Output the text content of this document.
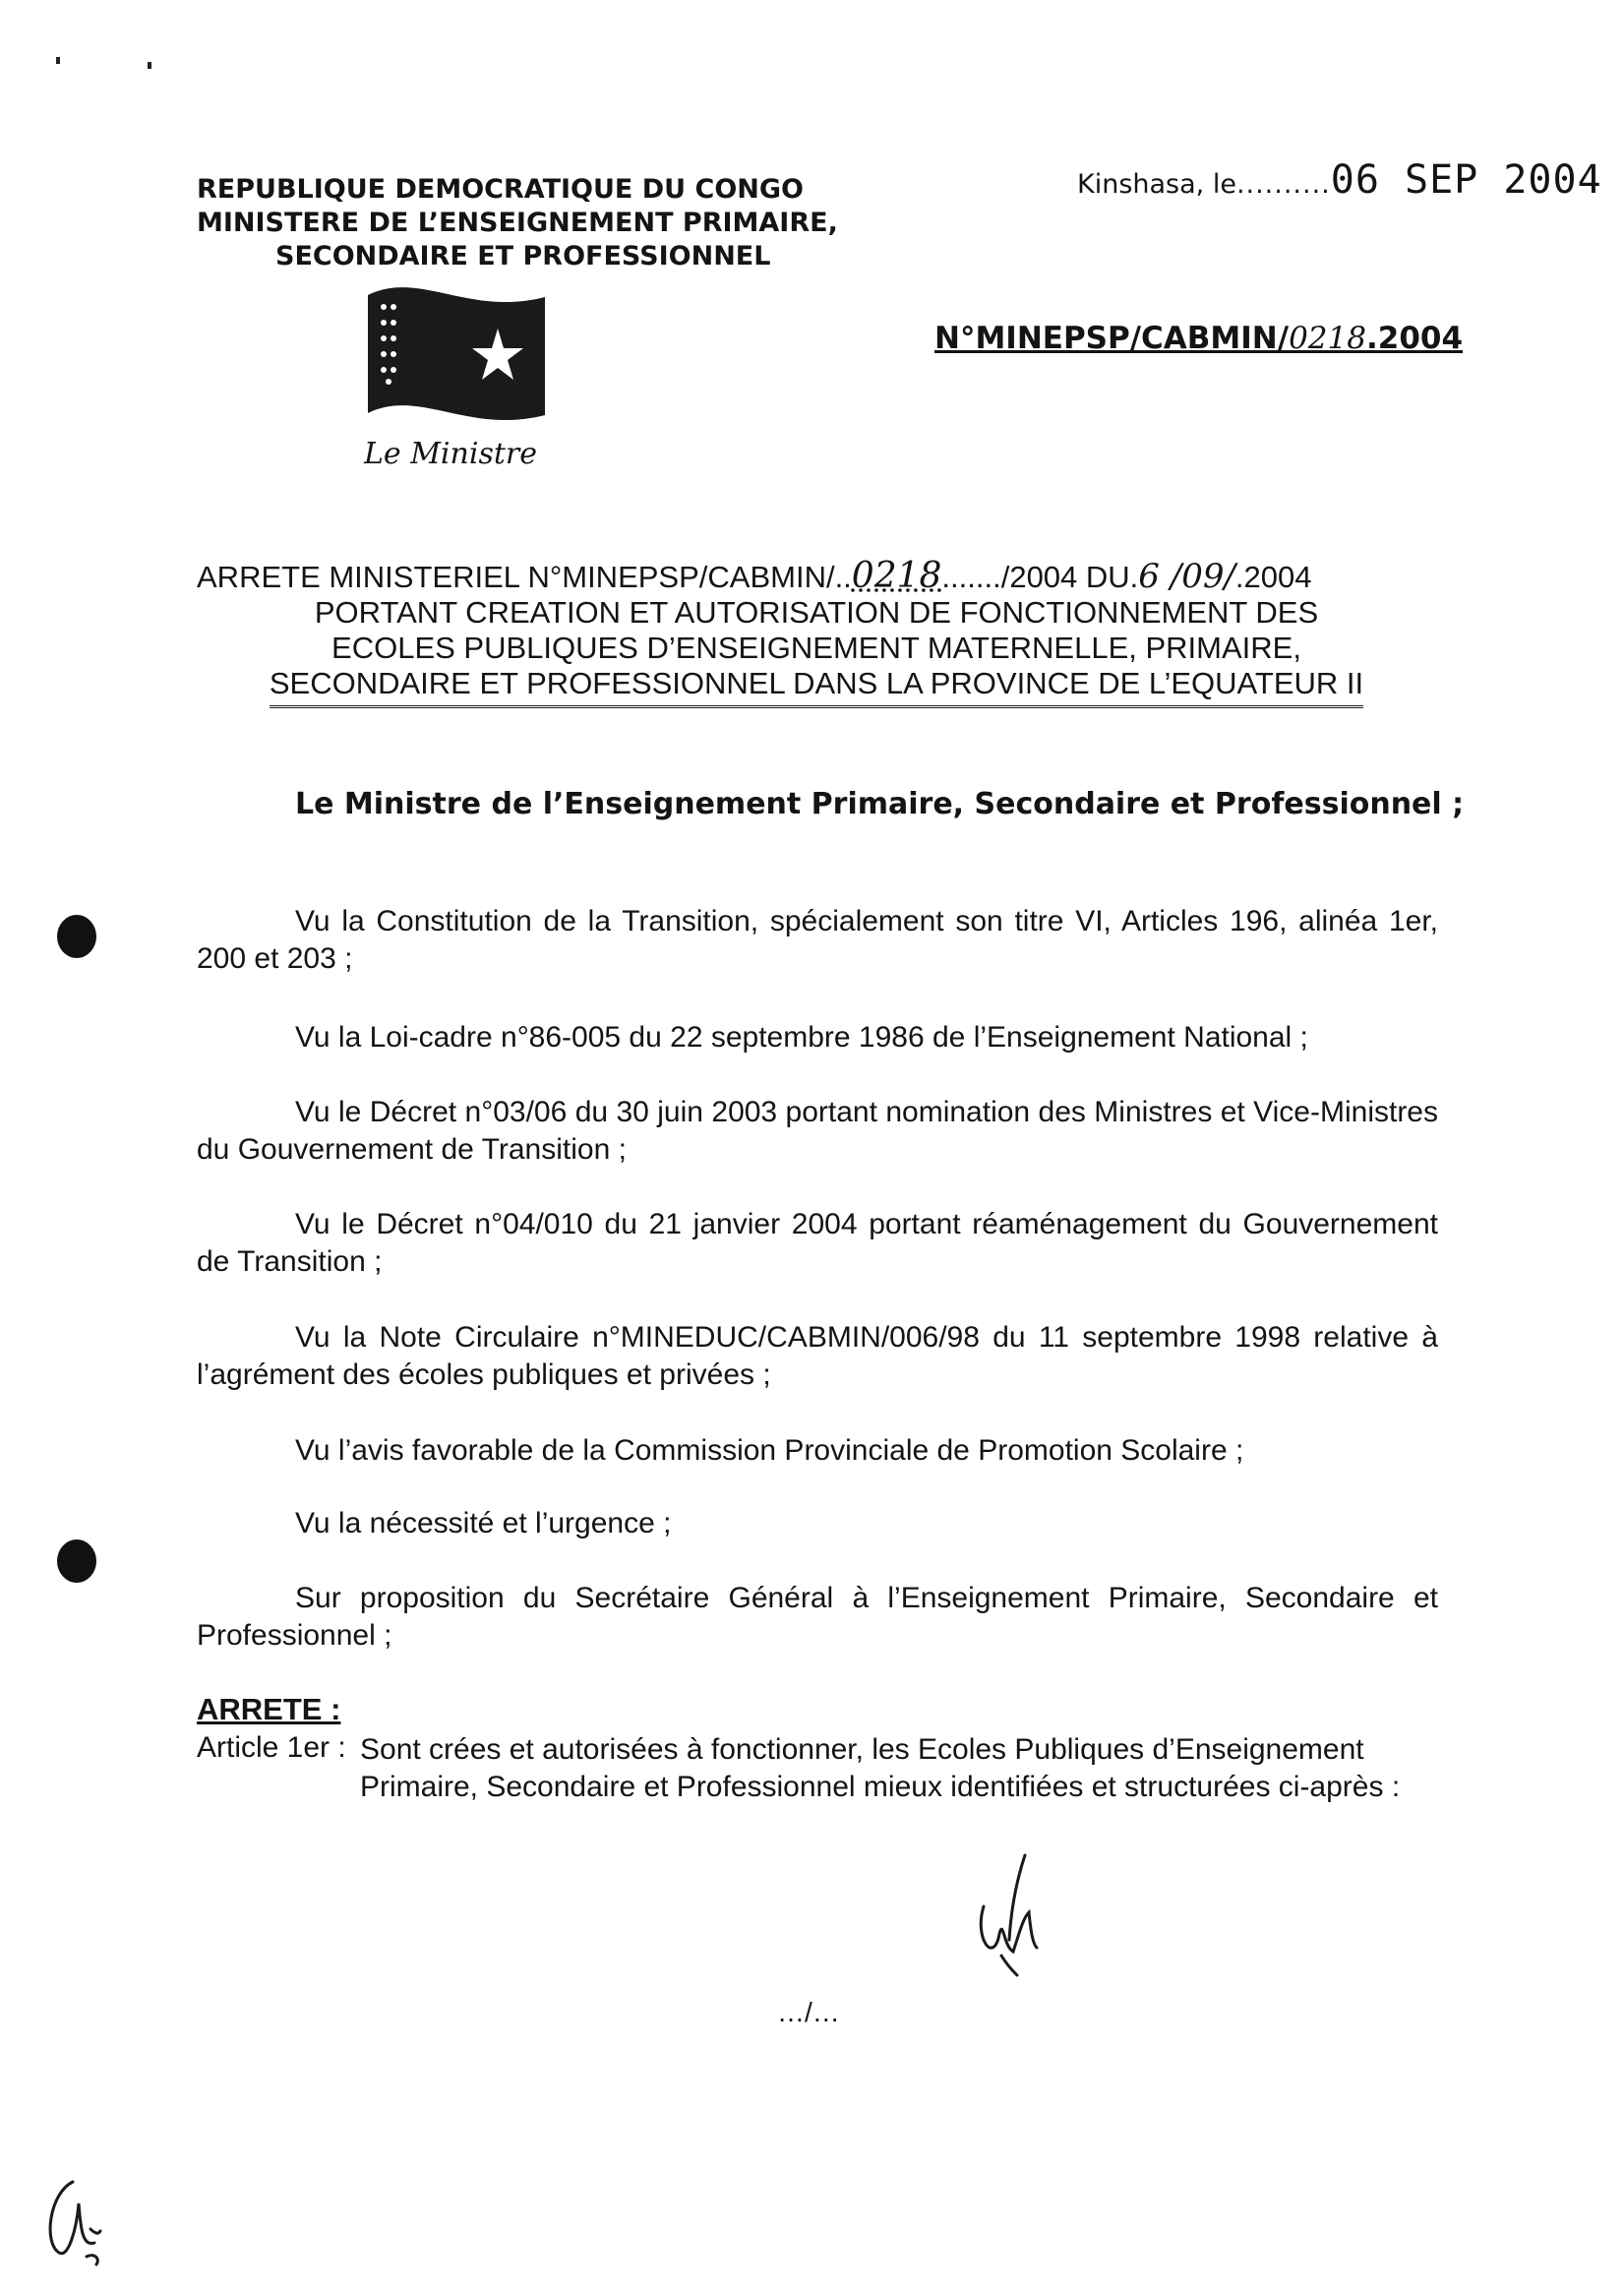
REPUBLIQUE DEMOCRATIQUE DU CONGO
MINISTERE DE L’ENSEIGNEMENT PRIMAIRE,
SECONDAIRE ET PROFESSIONNEL
Le Ministre
Kinshasa, le..........06 SEP 2004
N°MINEPSP/CABMIN/0218.2004
ARRETE MINISTERIEL N°MINEPSP/CABMIN/..0218......./2004 DU.6 /09/.2004
PORTANT CREATION ET AUTORISATION DE FONCTIONNEMENT DES
ECOLES PUBLIQUES D’ENSEIGNEMENT MATERNELLE, PRIMAIRE,
SECONDAIRE ET PROFESSIONNEL DANS LA PROVINCE DE L’EQUATEUR II
Le Ministre de l’Enseignement Primaire, Secondaire et Professionnel ;
Vu la Constitution de la Transition, spécialement son titre VI, Articles 196, alinéa 1er, 200 et 203 ;
Vu la Loi-cadre n°86-005 du 22 septembre 1986 de l’Enseignement National ;
Vu le Décret n°03/06 du 30 juin 2003 portant nomination des Ministres et Vice-Ministres du Gouvernement de Transition ;
Vu le Décret n°04/010 du 21 janvier 2004 portant réaménagement du Gouvernement de Transition ;
Vu la Note Circulaire n°MINEDUC/CABMIN/006/98 du 11 septembre 1998 relative à l’agrément des écoles publiques et privées ;
Vu l’avis favorable de la Commission Provinciale de Promotion Scolaire ;
Vu la nécessité et l’urgence ;
Sur proposition du Secrétaire Général à l’Enseignement Primaire, Secondaire et Professionnel ;
ARRETE :
Article 1er : Sont crées et autorisées à fonctionner, les Ecoles Publiques d’Enseignement Primaire, Secondaire et Professionnel mieux identifiées et structurées ci-après :
…/…
